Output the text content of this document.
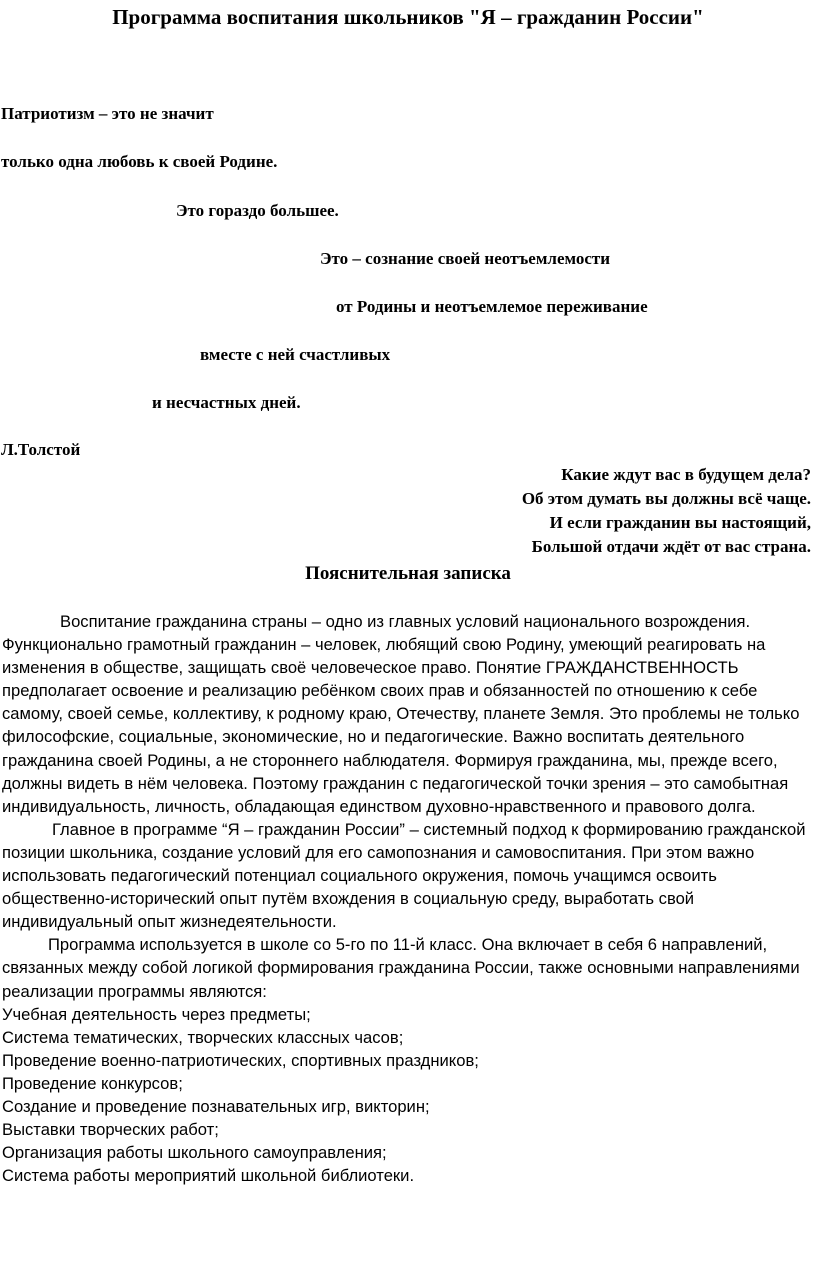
Программа воспитания школьников "Я – гражданин России"

Патриотизм – это не значит

только одна любовь к своей Родине.

Это гораздо большее.

Это – сознание своей неотъемлемости

от Родины и неотъемлемое переживание

вместе с ней счастливых

и несчастных дней.

Л.Толстой

Какие ждут вас в будущем дела?

Об этом думать вы должны всё чаще.

И если гражданин вы настоящий,

Большой отдачи ждёт от вас страна.

Пояснительная записка

Воспитание гражданина страны – одно из главных условий национального возрождения. Функционально грамотный гражданин – человек, любящий свою Родину, умеющий реагировать на изменения в обществе, защищать своё человеческое право. Понятие ГРАЖДАНСТВЕННОСТЬ предполагает освоение и реализацию ребёнком своих прав и обязанностей по отношению к себе самому, своей семье, коллективу, к родному краю, Отечеству, планете Земля. Это проблемы не только философские, социальные, экономические, но и педагогические. Важно воспитать деятельного гражданина своей Родины, а не стороннего наблюдателя. Формируя гражданина, мы, прежде всего, должны видеть в нём человека. Поэтому гражданин с педагогической точки зрения – это самобытная индивидуальность, личность, обладающая единством духовно-нравственного и правового долга.

Главное в программе “Я – гражданин России” – системный подход к формированию гражданской позиции школьника, создание условий для его самопознания и самовоспитания. При этом важно использовать педагогический потенциал социального окружения, помочь учащимся освоить общественно-исторический опыт путём вхождения в социальную среду, выработать свой индивидуальный опыт жизнедеятельности.

Программа используется в школе со 5-го по 11-й класс. Она включает в себя 6 направлений, связанных между собой логикой формирования гражданина России, также основными направлениями реализации программы являются:

Учебная деятельность через предметы;
Система тематических, творческих классных часов;
Проведение военно-патриотических, спортивных праздников;
Проведение конкурсов;
Создание и проведение познавательных игр, викторин;
Выставки творческих работ;
Организация работы школьного самоуправления;
Система работы мероприятий школьной библиотеки.
